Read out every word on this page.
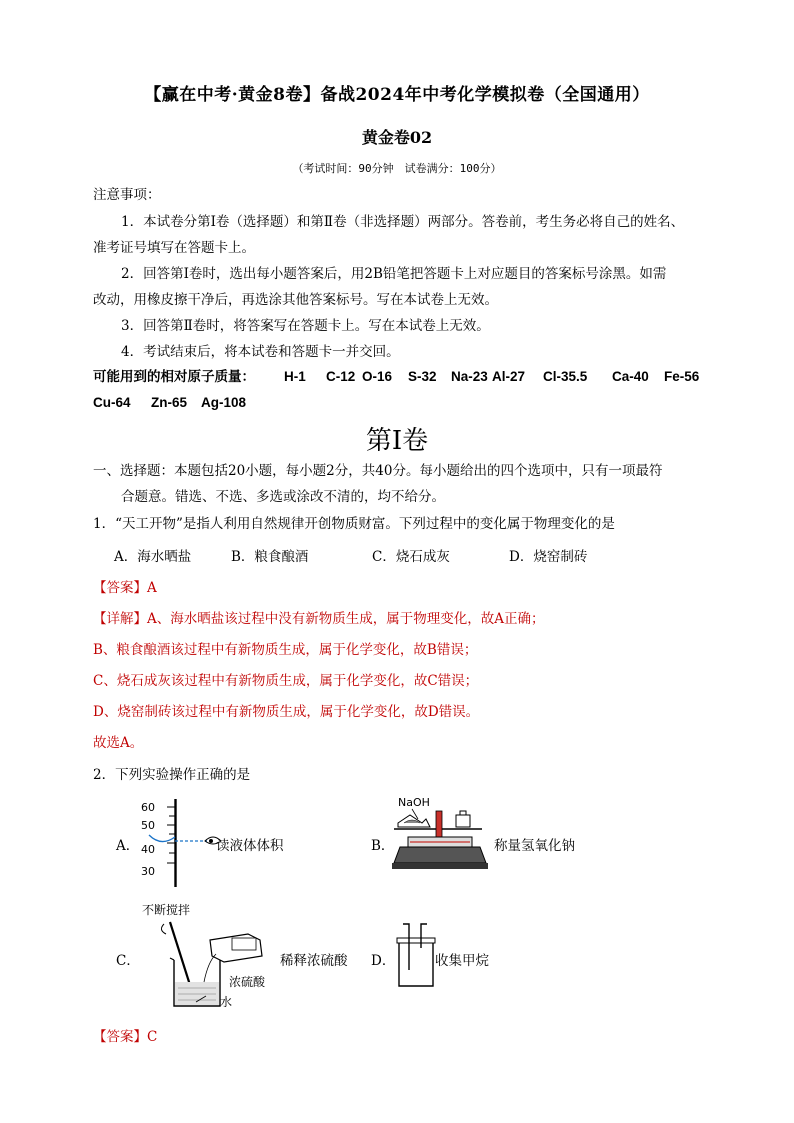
【赢在中考·黄金8卷】备战2024年中考化学模拟卷（全国通用）
黄金卷02
（考试时间：90分钟　试卷满分：100分）
注意事项：
1．本试卷分第Ⅰ卷（选择题）和第Ⅱ卷（非选择题）两部分。答卷前，考生务必将自己的姓名、
准考证号填写在答题卡上。
2．回答第Ⅰ卷时，选出每小题答案后，用2B铅笔把答题卡上对应题目的答案标号涂黑。如需
改动，用橡皮擦干净后，再选涂其他答案标号。写在本试卷上无效。
3．回答第Ⅱ卷时，将答案写在答题卡上。写在本试卷上无效。
4．考试结束后，将本试卷和答题卡一并交回。
可能用到的相对原子质量： H-1 C-12 O-16 S-32 Na-23 Al-27 Cl-35.5 Ca-40 Fe-56
Cu-64 Zn-65 Ag-108
第Ⅰ卷
一、选择题：本题包括20小题，每小题2分，共40分。每小题给出的四个选项中，只有一项最符
合题意。错选、不选、多选或涂改不清的，均不给分。
1．“天工开物”是指人利用自然规律开创物质财富。下列过程中的变化属于物理变化的是
A．海水晒盐	B．粮食酿酒	C．烧石成灰	D．烧窑制砖
【答案】A
【详解】A、海水晒盐该过程中没有新物质生成，属于物理变化，故A正确；
B、粮食酿酒该过程中有新物质生成，属于化学变化，故B错误；
C、烧石成灰该过程中有新物质生成，属于化学变化，故C错误；
D、烧窑制砖该过程中有新物质生成，属于化学变化，故D错误。
故选A。
2．下列实验操作正确的是
A．
60
50
40
30
读液体体积	B．
NaOH
称量氢氧化钠
C．
不断搅拌
浓硫酸
水
稀释浓硫酸 D．	收集甲烷
【答案】C
